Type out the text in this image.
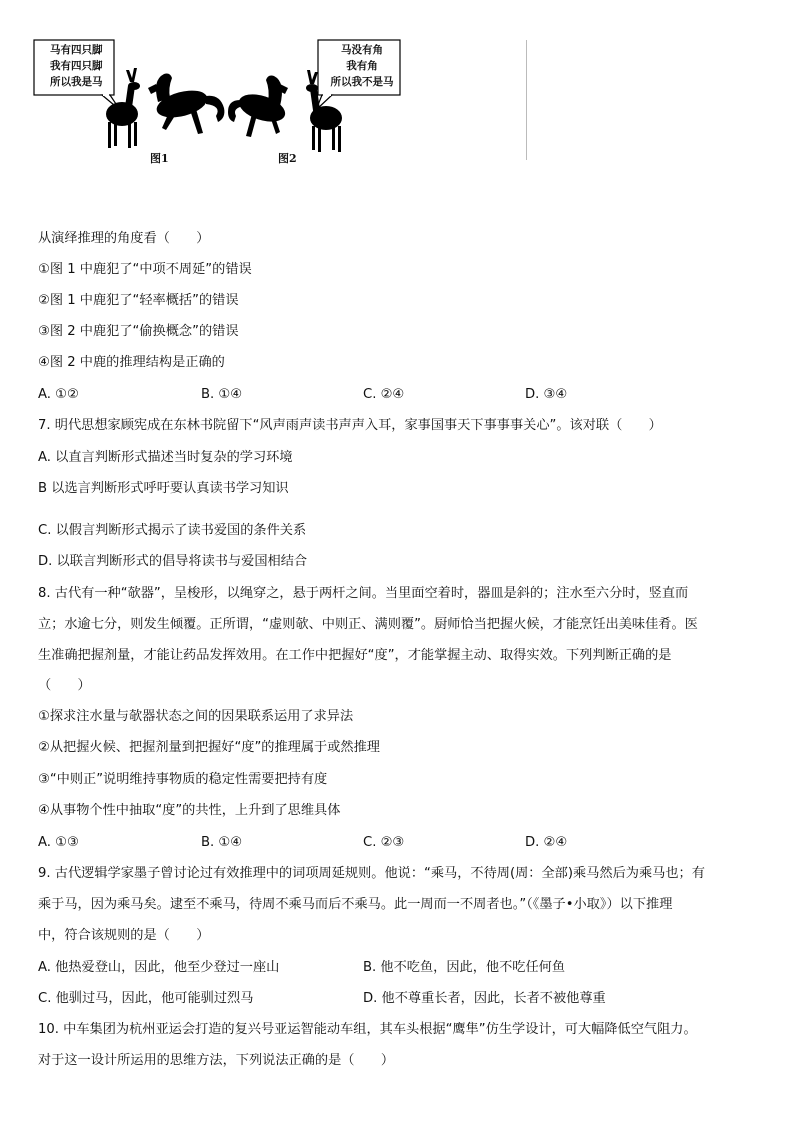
马有四只脚
我有四只脚
所以我是马
马没有角
我有角
所以我不是马
图1	图2
从演绎推理的角度看（　　）
①图 1 中鹿犯了“中项不周延”的错误
②图 1 中鹿犯了“轻率概括”的错误
③图 2 中鹿犯了“偷换概念”的错误
④图 2 中鹿的推理结构是正确的
A. ①②	B. ①④	C. ②④	D. ③④
7. 明代思想家顾宪成在东林书院留下“风声雨声读书声声入耳，家事国事天下事事事关心”。该对联（　　）
A. 以直言判断形式描述当时复杂的学习环境
B 以选言判断形式呼吁要认真读书学习知识
C. 以假言判断形式揭示了读书爱国的条件关系
D. 以联言判断形式的倡导将读书与爱国相结合
8. 古代有一种“欹器”，呈梭形，以绳穿之，悬于两杆之间。当里面空着时，器皿是斜的；注水至六分时，竖直而
立；水逾七分，则发生倾覆。正所谓，“虚则欹、中则正、满则覆”。厨师恰当把握火候，才能烹饪出美味佳肴。医
生准确把握剂量，才能让药品发挥效用。在工作中把握好“度”，才能掌握主动、取得实效。下列判断正确的是
（　　）
①探求注水量与欹器状态之间的因果联系运用了求异法
②从把握火候、把握剂量到把握好“度”的推理属于或然推理
③“中则正”说明维持事物质的稳定性需要把持有度
④从事物个性中抽取“度”的共性，上升到了思维具体
A. ①③	B. ①④	C. ②③	D. ②④
9. 古代逻辑学家墨子曾讨论过有效推理中的词项周延规则。他说：“乘马，不待周(周：全部)乘马然后为乘马也；有
乘于马，因为乘马矣。逮至不乘马，待周不乘马而后不乘马。此一周而一不周者也。”（《墨子•小取》）以下推理
中，符合该规则的是（　　）
A. 他热爱登山，因此，他至少登过一座山	B. 他不吃鱼，因此，他不吃任何鱼
C. 他驯过马，因此，他可能驯过烈马	D. 他不尊重长者，因此，长者不被他尊重
10. 中车集团为杭州亚运会打造的复兴号亚运智能动车组，其车头根据“鹰隼”仿生学设计，可大幅降低空气阻力。
对于这一设计所运用的思维方法，下列说法正确的是（　　）
